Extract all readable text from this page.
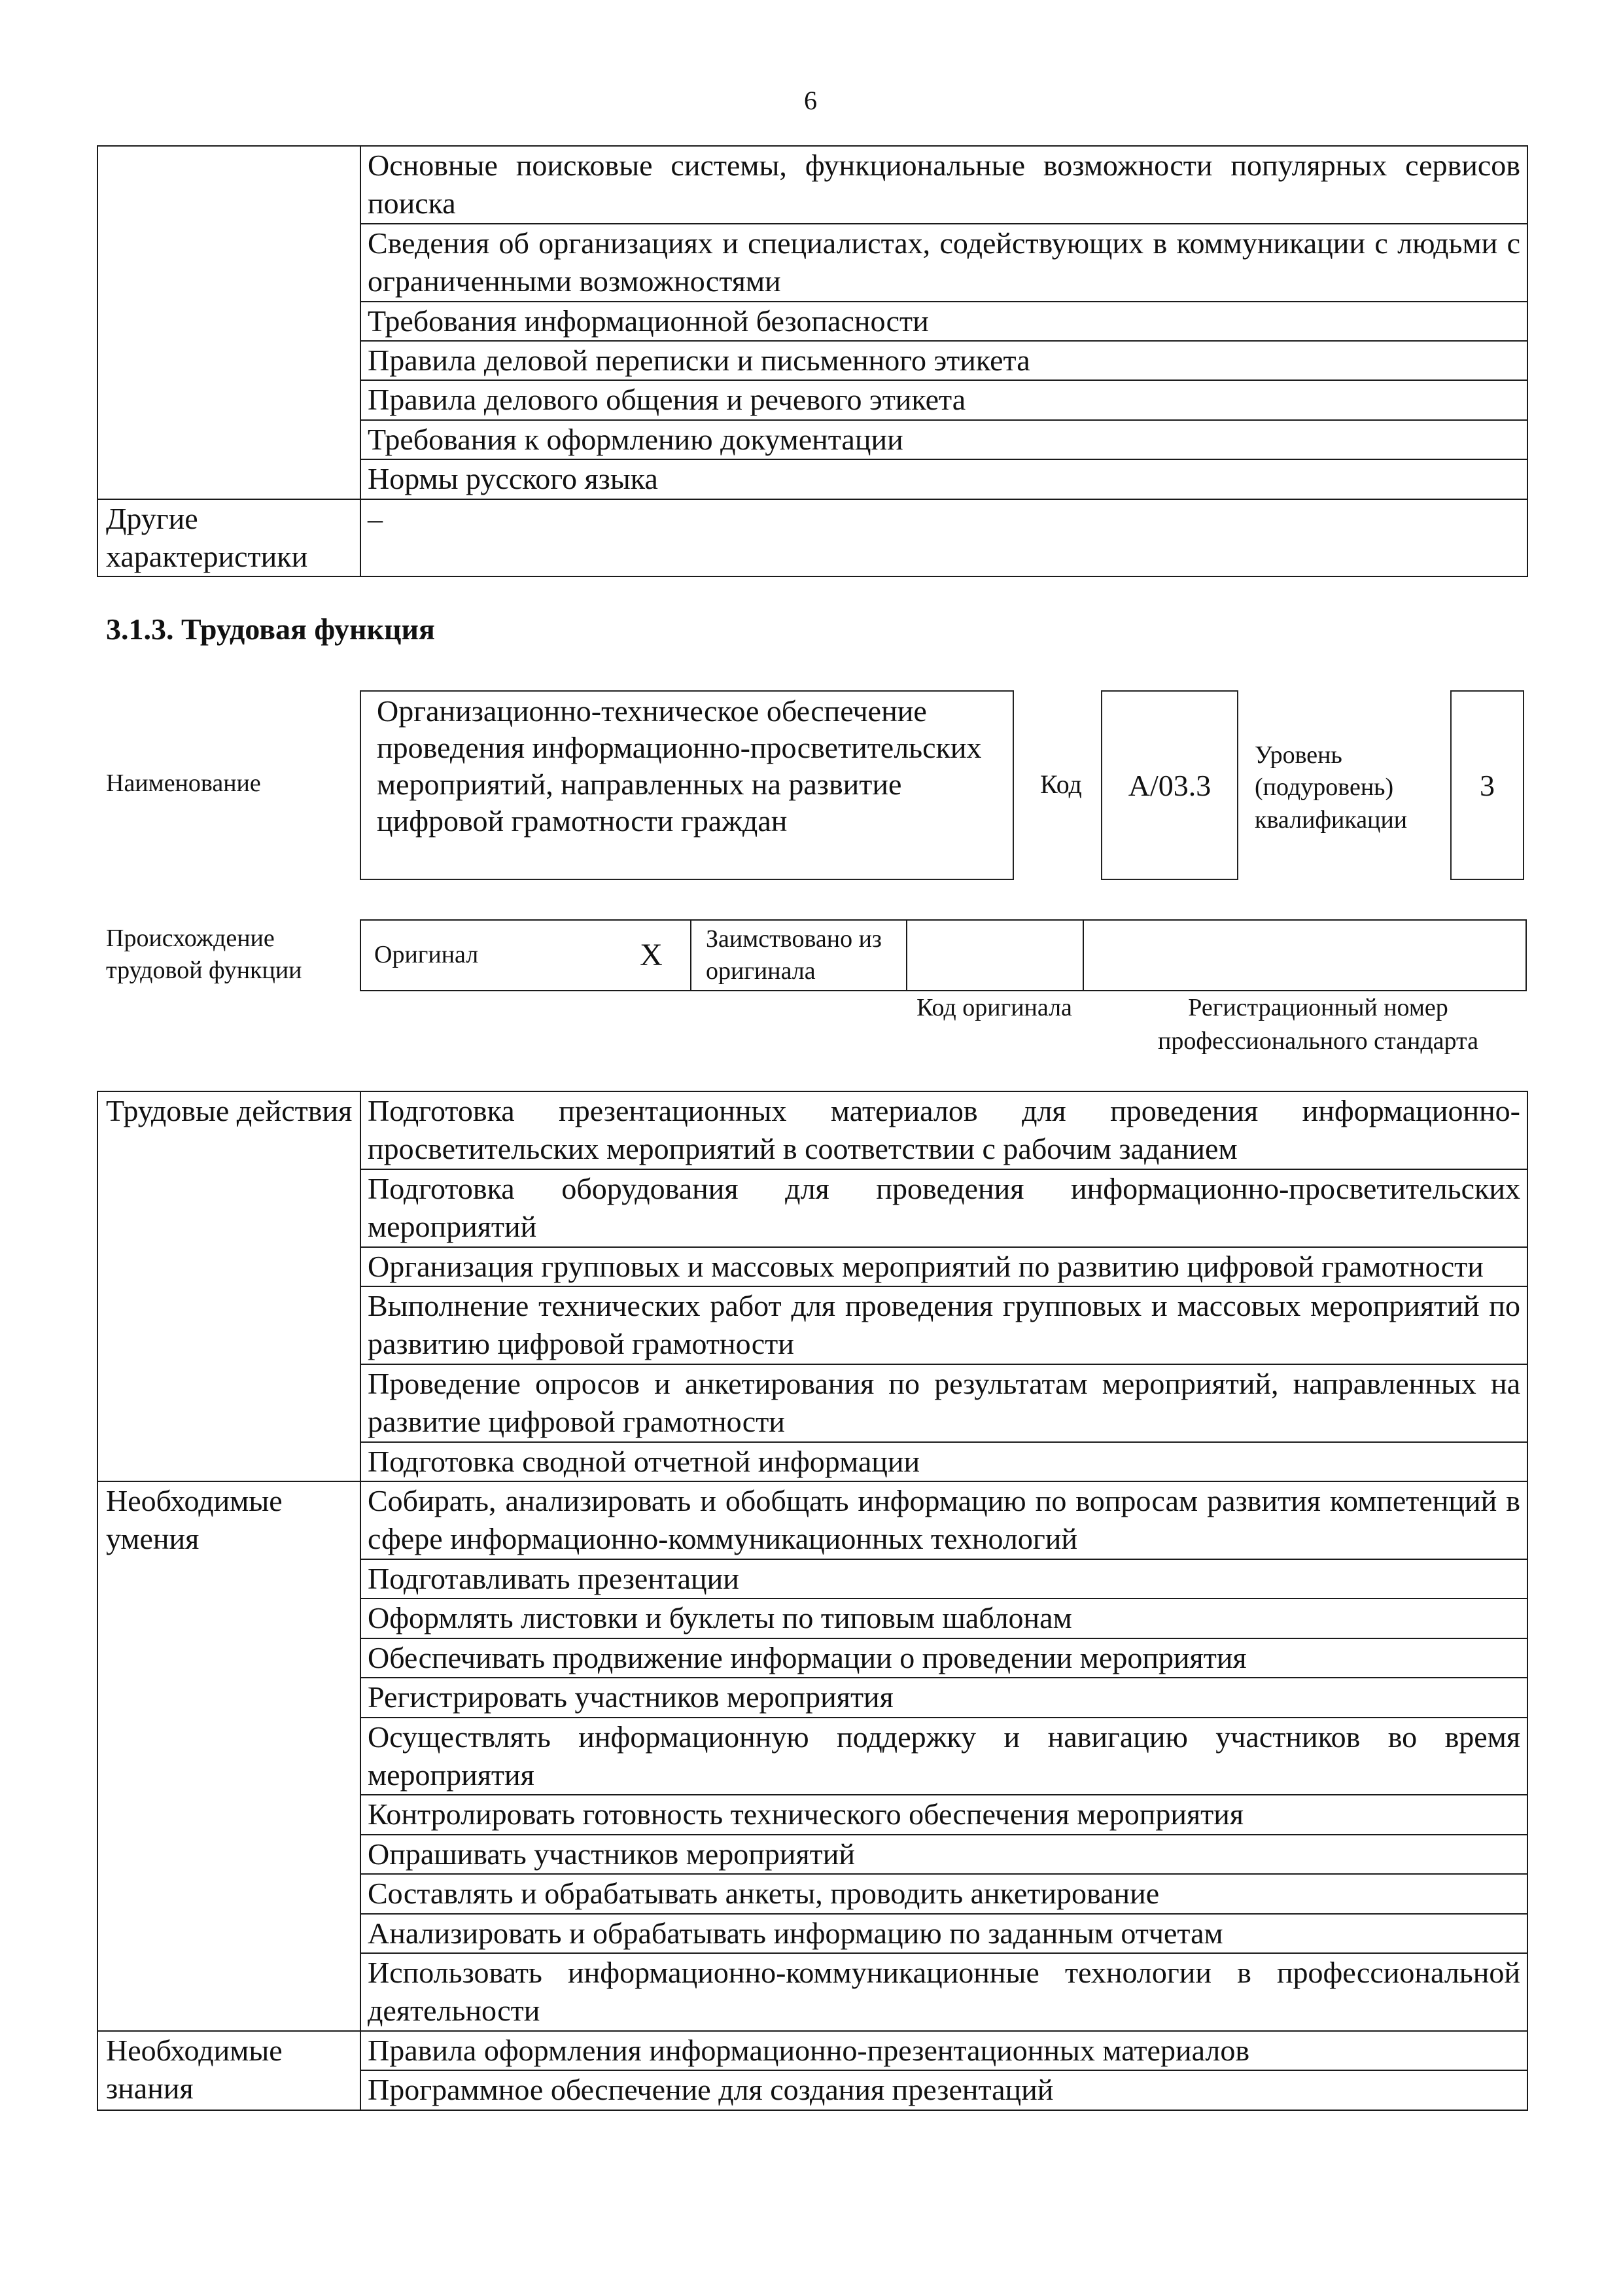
6
	Основные поисковые системы, функциональные возможности популярных сервисов поиска
	Сведения об организациях и специалистах, содействующих в коммуникации с людьми с ограниченными возможностями
	Требования информационной безопасности
	Правила деловой переписки и письменного этикета
	Правила делового общения и речевого этикета
	Требования к оформлению документации
	Нормы русского языка
Другие характеристики	–
3.1.3. Трудовая функция
Наименование
Организационно-техническое обеспечение проведения информационно-просветительских мероприятий, направленных на развитие цифровой грамотности граждан
Код	A/03.3
Уровень (подуровень) квалификации
3
Происхождение трудовой функции
Оригинал	X	Заимствовано из оригинала		
Код оригинала	Регистрационный номер профессионального стандарта
Трудовые действия	Подготовка презентационных материалов для проведения информационно-просветительских мероприятий в соответствии с рабочим заданием
	Подготовка оборудования для проведения информационно-просветительских мероприятий
	Организация групповых и массовых мероприятий по развитию цифровой грамотности
	Выполнение технических работ для проведения групповых и массовых мероприятий по развитию цифровой грамотности
	Проведение опросов и анкетирования по результатам мероприятий, направленных на развитие цифровой грамотности
	Подготовка сводной отчетной информации
Необходимые умения	Собирать, анализировать и обобщать информацию по вопросам развития компетенций в сфере информационно-коммуникационных технологий
	Подготавливать презентации
	Оформлять листовки и буклеты по типовым шаблонам
	Обеспечивать продвижение информации о проведении мероприятия
	Регистрировать участников мероприятия
	Осуществлять информационную поддержку и навигацию участников во время мероприятия
	Контролировать готовность технического обеспечения мероприятия
	Опрашивать участников мероприятий
	Составлять и обрабатывать анкеты, проводить анкетирование
	Анализировать и обрабатывать информацию по заданным отчетам
	Использовать информационно-коммуникационные технологии в профессиональной деятельности
Необходимые знания	Правила оформления информационно-презентационных материалов
	Программное обеспечение для создания презентаций
